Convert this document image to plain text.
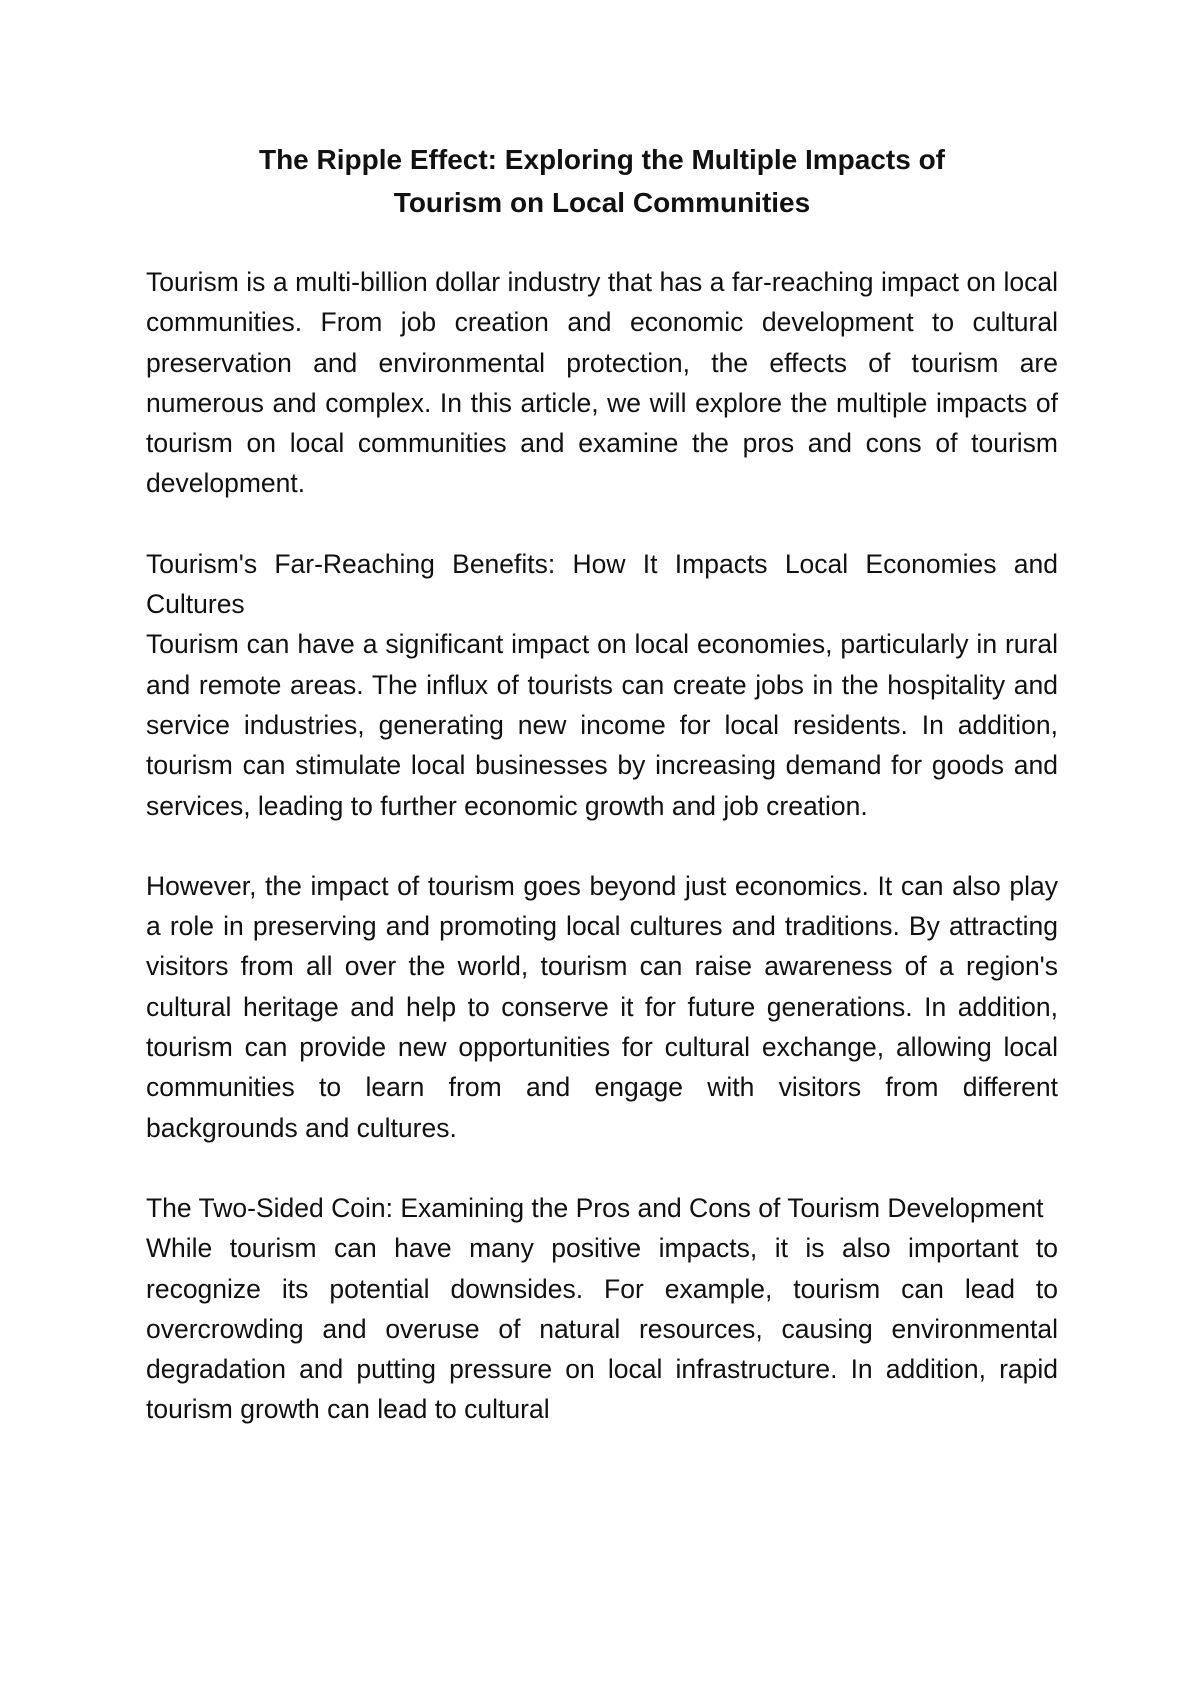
The Ripple Effect: Exploring the Multiple Impacts of
Tourism on Local Communities

Tourism is a multi-billion dollar industry that has a far-reaching impact on local communities. From job creation and economic development to cultural preservation and environmental protection, the effects of tourism are numerous and complex. In this article, we will explore the multiple impacts of tourism on local communities and examine the pros and cons of tourism development.

Tourism's Far-Reaching Benefits: How It Impacts Local Economies and Cultures

Tourism can have a significant impact on local economies, particularly in rural and remote areas. The influx of tourists can create jobs in the hospitality and service industries, generating new income for local residents. In addition, tourism can stimulate local businesses by increasing demand for goods and services, leading to further economic growth and job creation.

However, the impact of tourism goes beyond just economics. It can also play a role in preserving and promoting local cultures and traditions. By attracting visitors from all over the world, tourism can raise awareness of a region's cultural heritage and help to conserve it for future generations. In addition, tourism can provide new opportunities for cultural exchange, allowing local communities to learn from and engage with visitors from different backgrounds and cultures.

The Two-Sided Coin: Examining the Pros and Cons of Tourism Development

While tourism can have many positive impacts, it is also important to recognize its potential downsides. For example, tourism can lead to overcrowding and overuse of natural resources, causing environmental degradation and putting pressure on local infrastructure. In addition, rapid tourism growth can lead to cultural
